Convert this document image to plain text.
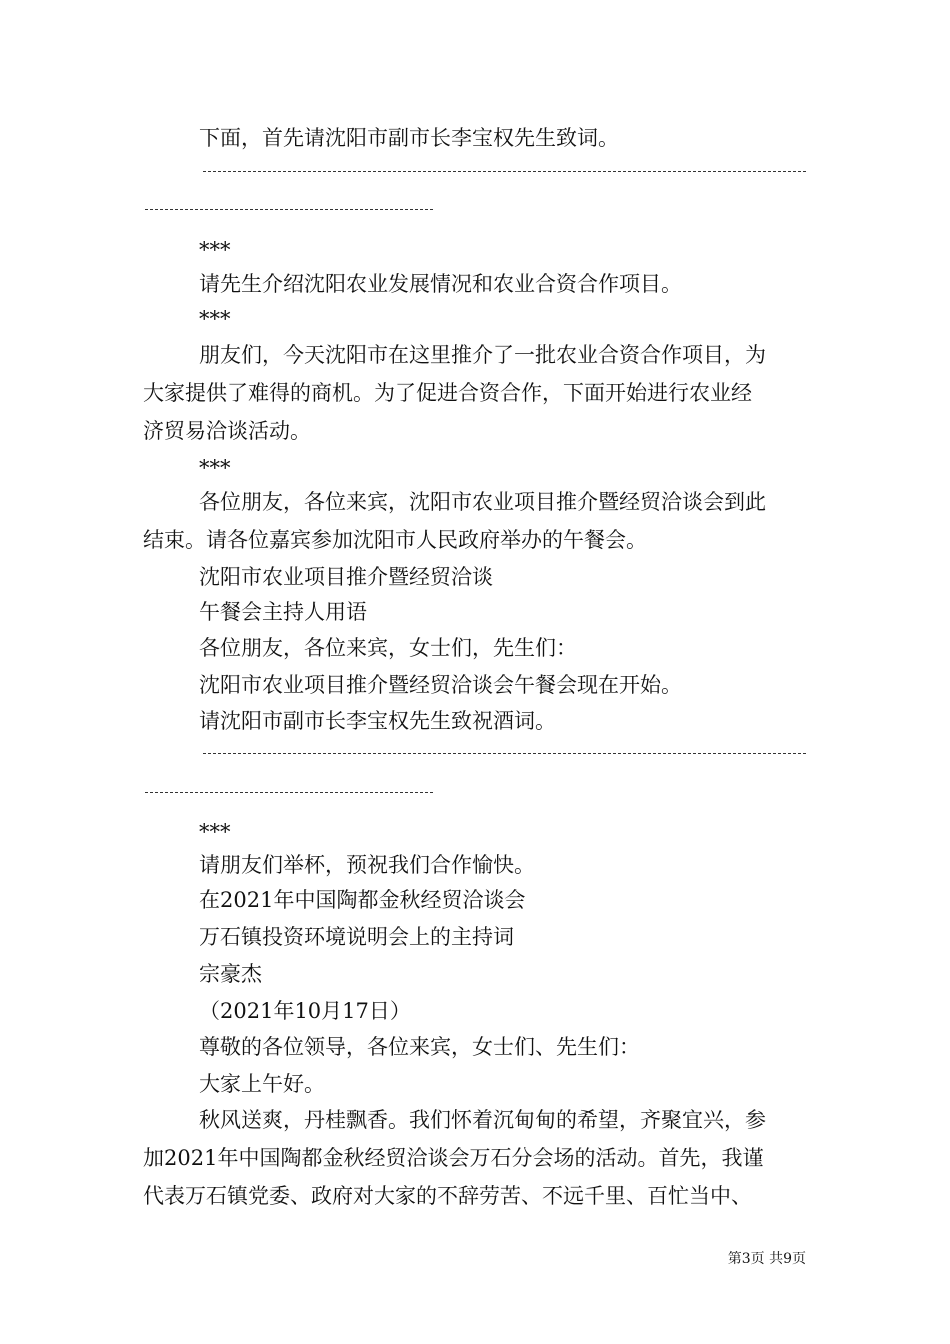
下面，首先请沈阳市副市长李宝权先生致词。
***
请先生介绍沈阳农业发展情况和农业合资合作项目。
***
朋友们，今天沈阳市在这里推介了一批农业合资合作项目，为
大家提供了难得的商机。为了促进合资合作，下面开始进行农业经
济贸易洽谈活动。
***
各位朋友，各位来宾，沈阳市农业项目推介暨经贸洽谈会到此
结束。请各位嘉宾参加沈阳市人民政府举办的午餐会。
沈阳市农业项目推介暨经贸洽谈
午餐会主持人用语
各位朋友，各位来宾，女士们，先生们：
沈阳市农业项目推介暨经贸洽谈会午餐会现在开始。
请沈阳市副市长李宝权先生致祝酒词。
***
请朋友们举杯，预祝我们合作愉快。
在2021年中国陶都金秋经贸洽谈会
万石镇投资环境说明会上的主持词
宗豪杰
（2021年10月17日）
尊敬的各位领导，各位来宾，女士们、先生们：
大家上午好。
秋风送爽，丹桂飘香。我们怀着沉甸甸的希望，齐聚宜兴，参
加2021年中国陶都金秋经贸洽谈会万石分会场的活动。首先，我谨
代表万石镇党委、政府对大家的不辞劳苦、不远千里、百忙当中、
第3页 共9页
